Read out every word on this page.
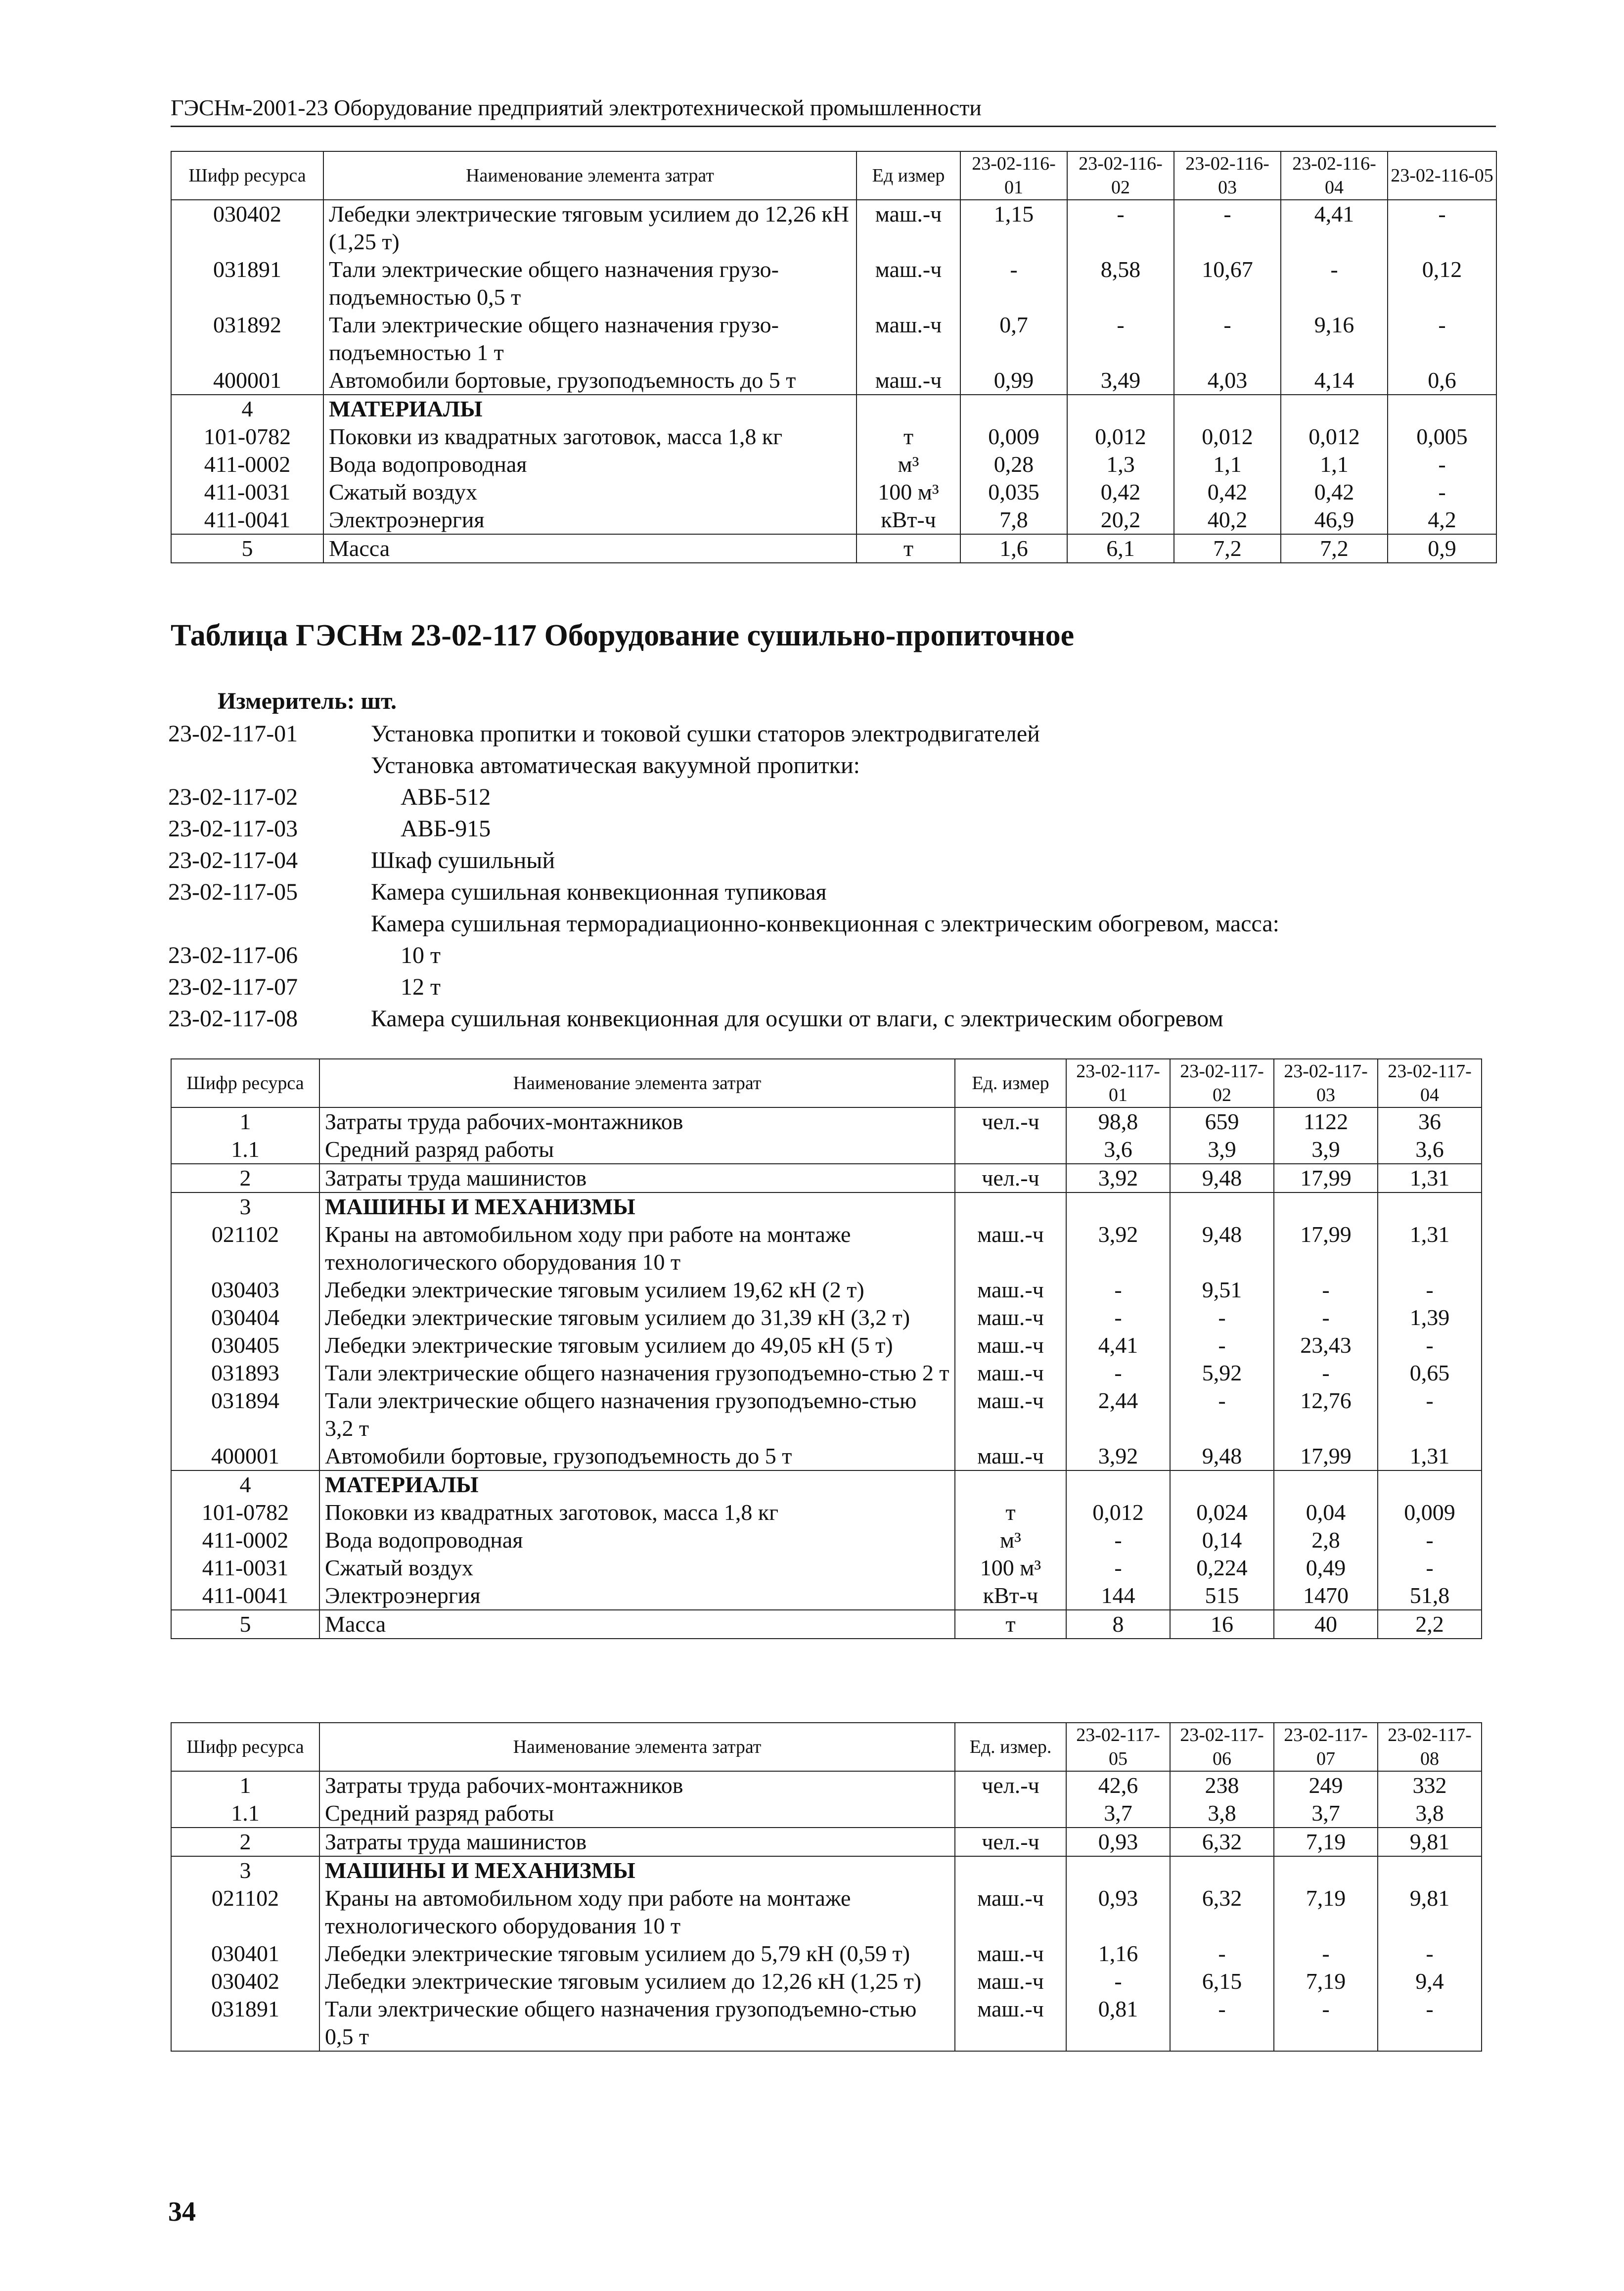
ГЭСНм-2001-23 Оборудование предприятий электротехнической промышленности
Шифр ресурса	Наименование элемента затрат	Ед измер	23-02-116-01	23-02-116-02	23-02-116-03	23-02-116-04	23-02-116-05
030402	Лебедки электрические тяговым усилием до 12,26 кН (1,25 т)	маш.-ч	1,15	-	-	4,41	-
031891	Тали электрические общего назначения грузо-подъемностью 0,5 т	маш.-ч	-	8,58	10,67	-	0,12
031892	Тали электрические общего назначения грузо-подъемностью 1 т	маш.-ч	0,7	-	-	9,16	-
400001	Автомобили бортовые, грузоподъемность до 5 т	маш.-ч	0,99	3,49	4,03	4,14	0,6
4	МАТЕРИАЛЫ						
101-0782	Поковки из квадратных заготовок, масса 1,8 кг	т	0,009	0,012	0,012	0,012	0,005
411-0002	Вода водопроводная	м³	0,28	1,3	1,1	1,1	-
411-0031	Сжатый воздух	100 м³	0,035	0,42	0,42	0,42	-
411-0041	Электроэнергия	кВт-ч	7,8	20,2	40,2	46,9	4,2
5	Масса	т	1,6	6,1	7,2	7,2	0,9
Таблица ГЭСНм 23-02-117 Оборудование сушильно-пропиточное
Измеритель: шт.
23-02-117-01	Установка пропитки и токовой сушки статоров электродвигателей
Установка автоматическая вакуумной пропитки:
23-02-117-02	АВБ-512
23-02-117-03	АВБ-915
23-02-117-04	Шкаф сушильный
23-02-117-05	Камера сушильная конвекционная тупиковая
Камера сушильная терморадиационно-конвекционная с электрическим обогревом, масса:
23-02-117-06	10 т
23-02-117-07	12 т
23-02-117-08	Камера сушильная конвекционная для осушки от влаги, с электрическим обогревом
Шифр ресурса	Наименование элемента затрат	Ед. измер	23-02-117-01	23-02-117-02	23-02-117-03	23-02-117-04
1	Затраты труда рабочих-монтажников	чел.-ч	98,8	659	1122	36
1.1	Средний разряд работы		3,6	3,9	3,9	3,6
2	Затраты труда машинистов	чел.-ч	3,92	9,48	17,99	1,31
3	МАШИНЫ И МЕХАНИЗМЫ					
021102	Краны на автомобильном ходу при работе на монтаже технологического оборудования 10 т	маш.-ч	3,92	9,48	17,99	1,31
030403	Лебедки электрические тяговым усилием 19,62 кН (2 т)	маш.-ч	-	9,51	-	-
030404	Лебедки электрические тяговым усилием до 31,39 кН (3,2 т)	маш.-ч	-	-	-	1,39
030405	Лебедки электрические тяговым усилием до 49,05 кН (5 т)	маш.-ч	4,41	-	23,43	-
031893	Тали электрические общего назначения грузоподъемно-стью 2 т	маш.-ч	-	5,92	-	0,65
031894	Тали электрические общего назначения грузоподъемно-стью 3,2 т	маш.-ч	2,44	-	12,76	-
400001	Автомобили бортовые, грузоподъемность до 5 т	маш.-ч	3,92	9,48	17,99	1,31
4	МАТЕРИАЛЫ					
101-0782	Поковки из квадратных заготовок, масса 1,8 кг	т	0,012	0,024	0,04	0,009
411-0002	Вода водопроводная	м³	-	0,14	2,8	-
411-0031	Сжатый воздух	100 м³	-	0,224	0,49	-
411-0041	Электроэнергия	кВт-ч	144	515	1470	51,8
5	Масса	т	8	16	40	2,2
Шифр ресурса	Наименование элемента затрат	Ед. измер.	23-02-117-05	23-02-117-06	23-02-117-07	23-02-117-08
1	Затраты труда рабочих-монтажников	чел.-ч	42,6	238	249	332
1.1	Средний разряд работы		3,7	3,8	3,7	3,8
2	Затраты труда машинистов	чел.-ч	0,93	6,32	7,19	9,81
3	МАШИНЫ И МЕХАНИЗМЫ					
021102	Краны на автомобильном ходу при работе на монтаже технологического оборудования 10 т	маш.-ч	0,93	6,32	7,19	9,81
030401	Лебедки электрические тяговым усилием до 5,79 кН (0,59 т)	маш.-ч	1,16	-	-	-
030402	Лебедки электрические тяговым усилием до 12,26 кН (1,25 т)	маш.-ч	-	6,15	7,19	9,4
031891	Тали электрические общего назначения грузоподъемно-стью 0,5 т	маш.-ч	0,81	-	-	-
34
